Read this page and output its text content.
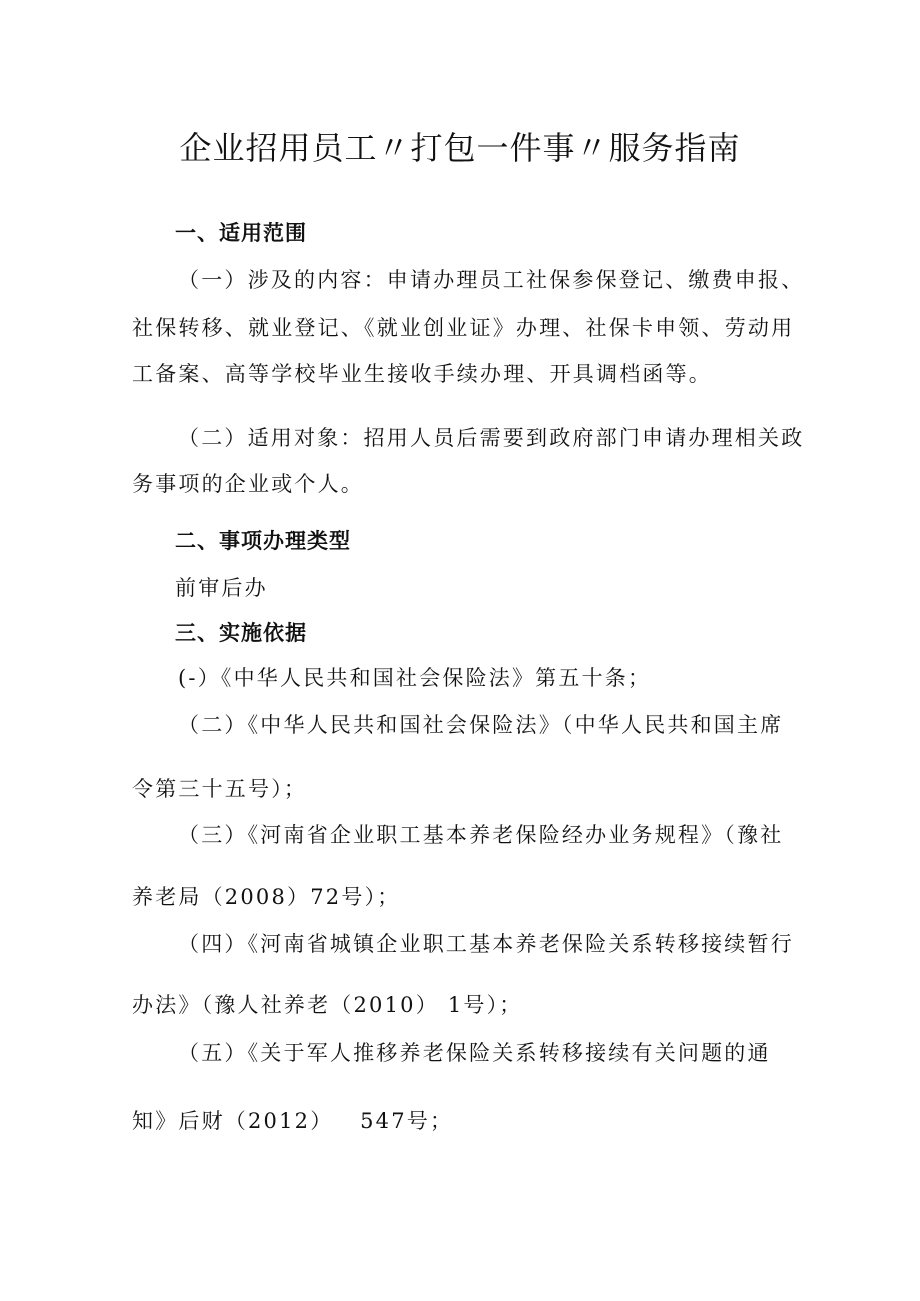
企业招用员工〃打包一件事〃服务指南
一、适用范围
（一）涉及的内容：申请办理员工社保参保登记、缴费申报、
社保转移、就业登记、《就业创业证》办理、社保卡申领、劳动用
工备案、高等学校毕业生接收手续办理、开具调档函等。
（二）适用对象：招用人员后需要到政府部门申请办理相关政
务事项的企业或个人。
二、事项办理类型
前审后办
三、实施依据
(-）《中华人民共和国社会保险法》第五十条；
（二）《中华人民共和国社会保险法》（中华人民共和国主席
令第三十五号）；
（三）《河南省企业职工基本养老保险经办业务规程》（豫社
养老局（2008）72号）；
（四）《河南省城镇企业职工基本养老保险关系转移接续暂行
办法》（豫人社养老（2010） 1号）；
（五）《关于军人推移养老保险关系转移接续有关问题的通
知》后财（2012）   547号；
